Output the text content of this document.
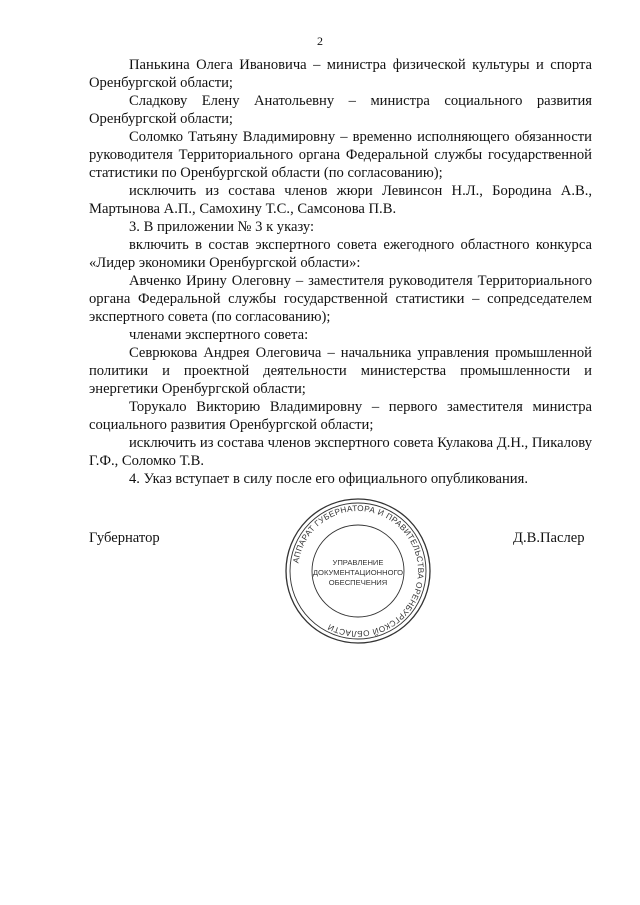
2

Панькина Олега Ивановича – министра физической культуры и спорта Оренбургской области;

Сладкову Елену Анатольевну – министра социального развития Оренбургской области;

Соломко Татьяну Владимировну – временно исполняющего обязанности руководителя Территориального органа Федеральной службы государственной статистики по Оренбургской области (по согласованию);

исключить из состава членов жюри Левинсон Н.Л., Бородина А.В., Мартынова А.П., Самохину Т.С., Самсонова П.В.

3. В приложении № 3 к указу:

включить в состав экспертного совета ежегодного областного конкурса «Лидер экономики Оренбургской области»:

Авченко Ирину Олеговну – заместителя руководителя Территориального органа Федеральной службы государственной статистики – сопредседателем экспертного совета (по согласованию);

членами экспертного совета:

Севрюкова Андрея Олеговича – начальника управления промышленной политики и проектной деятельности министерства промышленности и энергетики Оренбургской области;

Торукало Викторию Владимировну – первого заместителя министра социального развития Оренбургской области;

исключить из состава членов экспертного совета Кулакова Д.Н., Пикалову Г.Ф., Соломко Т.В.

4. Указ вступает в силу после его официального опубликования.

Губернатор	Д.В.Паслер
АППАРАТ ГУБЕРНАТОРА И ПРАВИТЕЛЬСТВА ОРЕНБУРГСКОЙ ОБЛАСТИ
УПРАВЛЕНИЕ
ДОКУМЕНТАЦИОННОГО
ОБЕСПЕЧЕНИЯ
